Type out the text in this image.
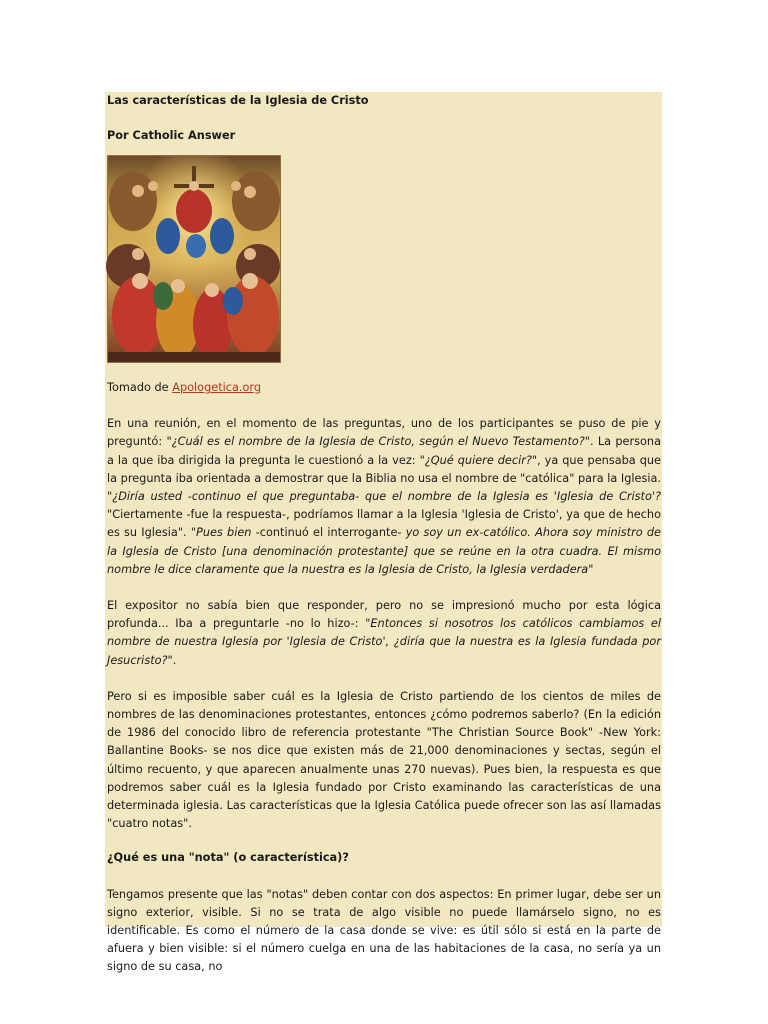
Las características de la Iglesia de Cristo
Por Catholic Answer
Tomado de Apologetica.org

En una reunión, en el momento de las preguntas, uno de los participantes se puso de pie y preguntó: "¿Cuál es el nombre de la Iglesia de Cristo, según el Nuevo Testamento?". La persona a la que iba dirigida la pregunta le cuestionó a la vez: "¿Qué quiere decir?", ya que pensaba que la pregunta iba orientada a demostrar que la Biblia no usa el nombre de "católica" para la Iglesia. "¿Diría usted -continuo el que preguntaba- que el nombre de la Iglesia es 'Iglesia de Cristo'? "Ciertamente -fue la respuesta-, podríamos llamar a la Iglesia 'Iglesia de Cristo', ya que de hecho es su Iglesia". "Pues bien -continuó el interrogante- yo soy un ex-católico. Ahora soy ministro de la Iglesia de Cristo [una denominación protestante] que se reúne en la otra cuadra. El mismo nombre le dice claramente que la nuestra es la Iglesia de Cristo, la Iglesia verdadera"

El expositor no sabía bien que responder, pero no se impresionó mucho por esta lógica profunda... Iba a preguntarle -no lo hizo-: "Entonces si nosotros los católicos cambiamos el nombre de nuestra Iglesia por 'Iglesia de Cristo', ¿diría que la nuestra es la Iglesia fundada por Jesucristo?".

Pero si es imposible saber cuál es la Iglesia de Cristo partiendo de los cientos de miles de nombres de las denominaciones protestantes, entonces ¿cómo podremos saberlo? (En la edición de 1986 del conocido libro de referencia protestante "The Christian Source Book" -New York: Ballantine Books- se nos dice que existen más de 21,000 denominaciones y sectas, según el último recuento, y que aparecen anualmente unas 270 nuevas). Pues bien, la respuesta es que podremos saber cuál es la Iglesia fundado por Cristo examinando las características de una determinada iglesia. Las características que la Iglesia Católica puede ofrecer son las así llamadas "cuatro notas".

¿Qué es una "nota" (o característica)?

Tengamos presente que las "notas" deben contar con dos aspectos: En primer lugar, debe ser un signo exterior, visible. Si no se trata de algo visible no puede llamárselo signo, no es identificable. Es como el número de la casa donde se vive: es útil sólo si está en la parte de afuera y bien visible: si el número cuelga en una de las habitaciones de la casa, no sería ya un signo de su casa, no
